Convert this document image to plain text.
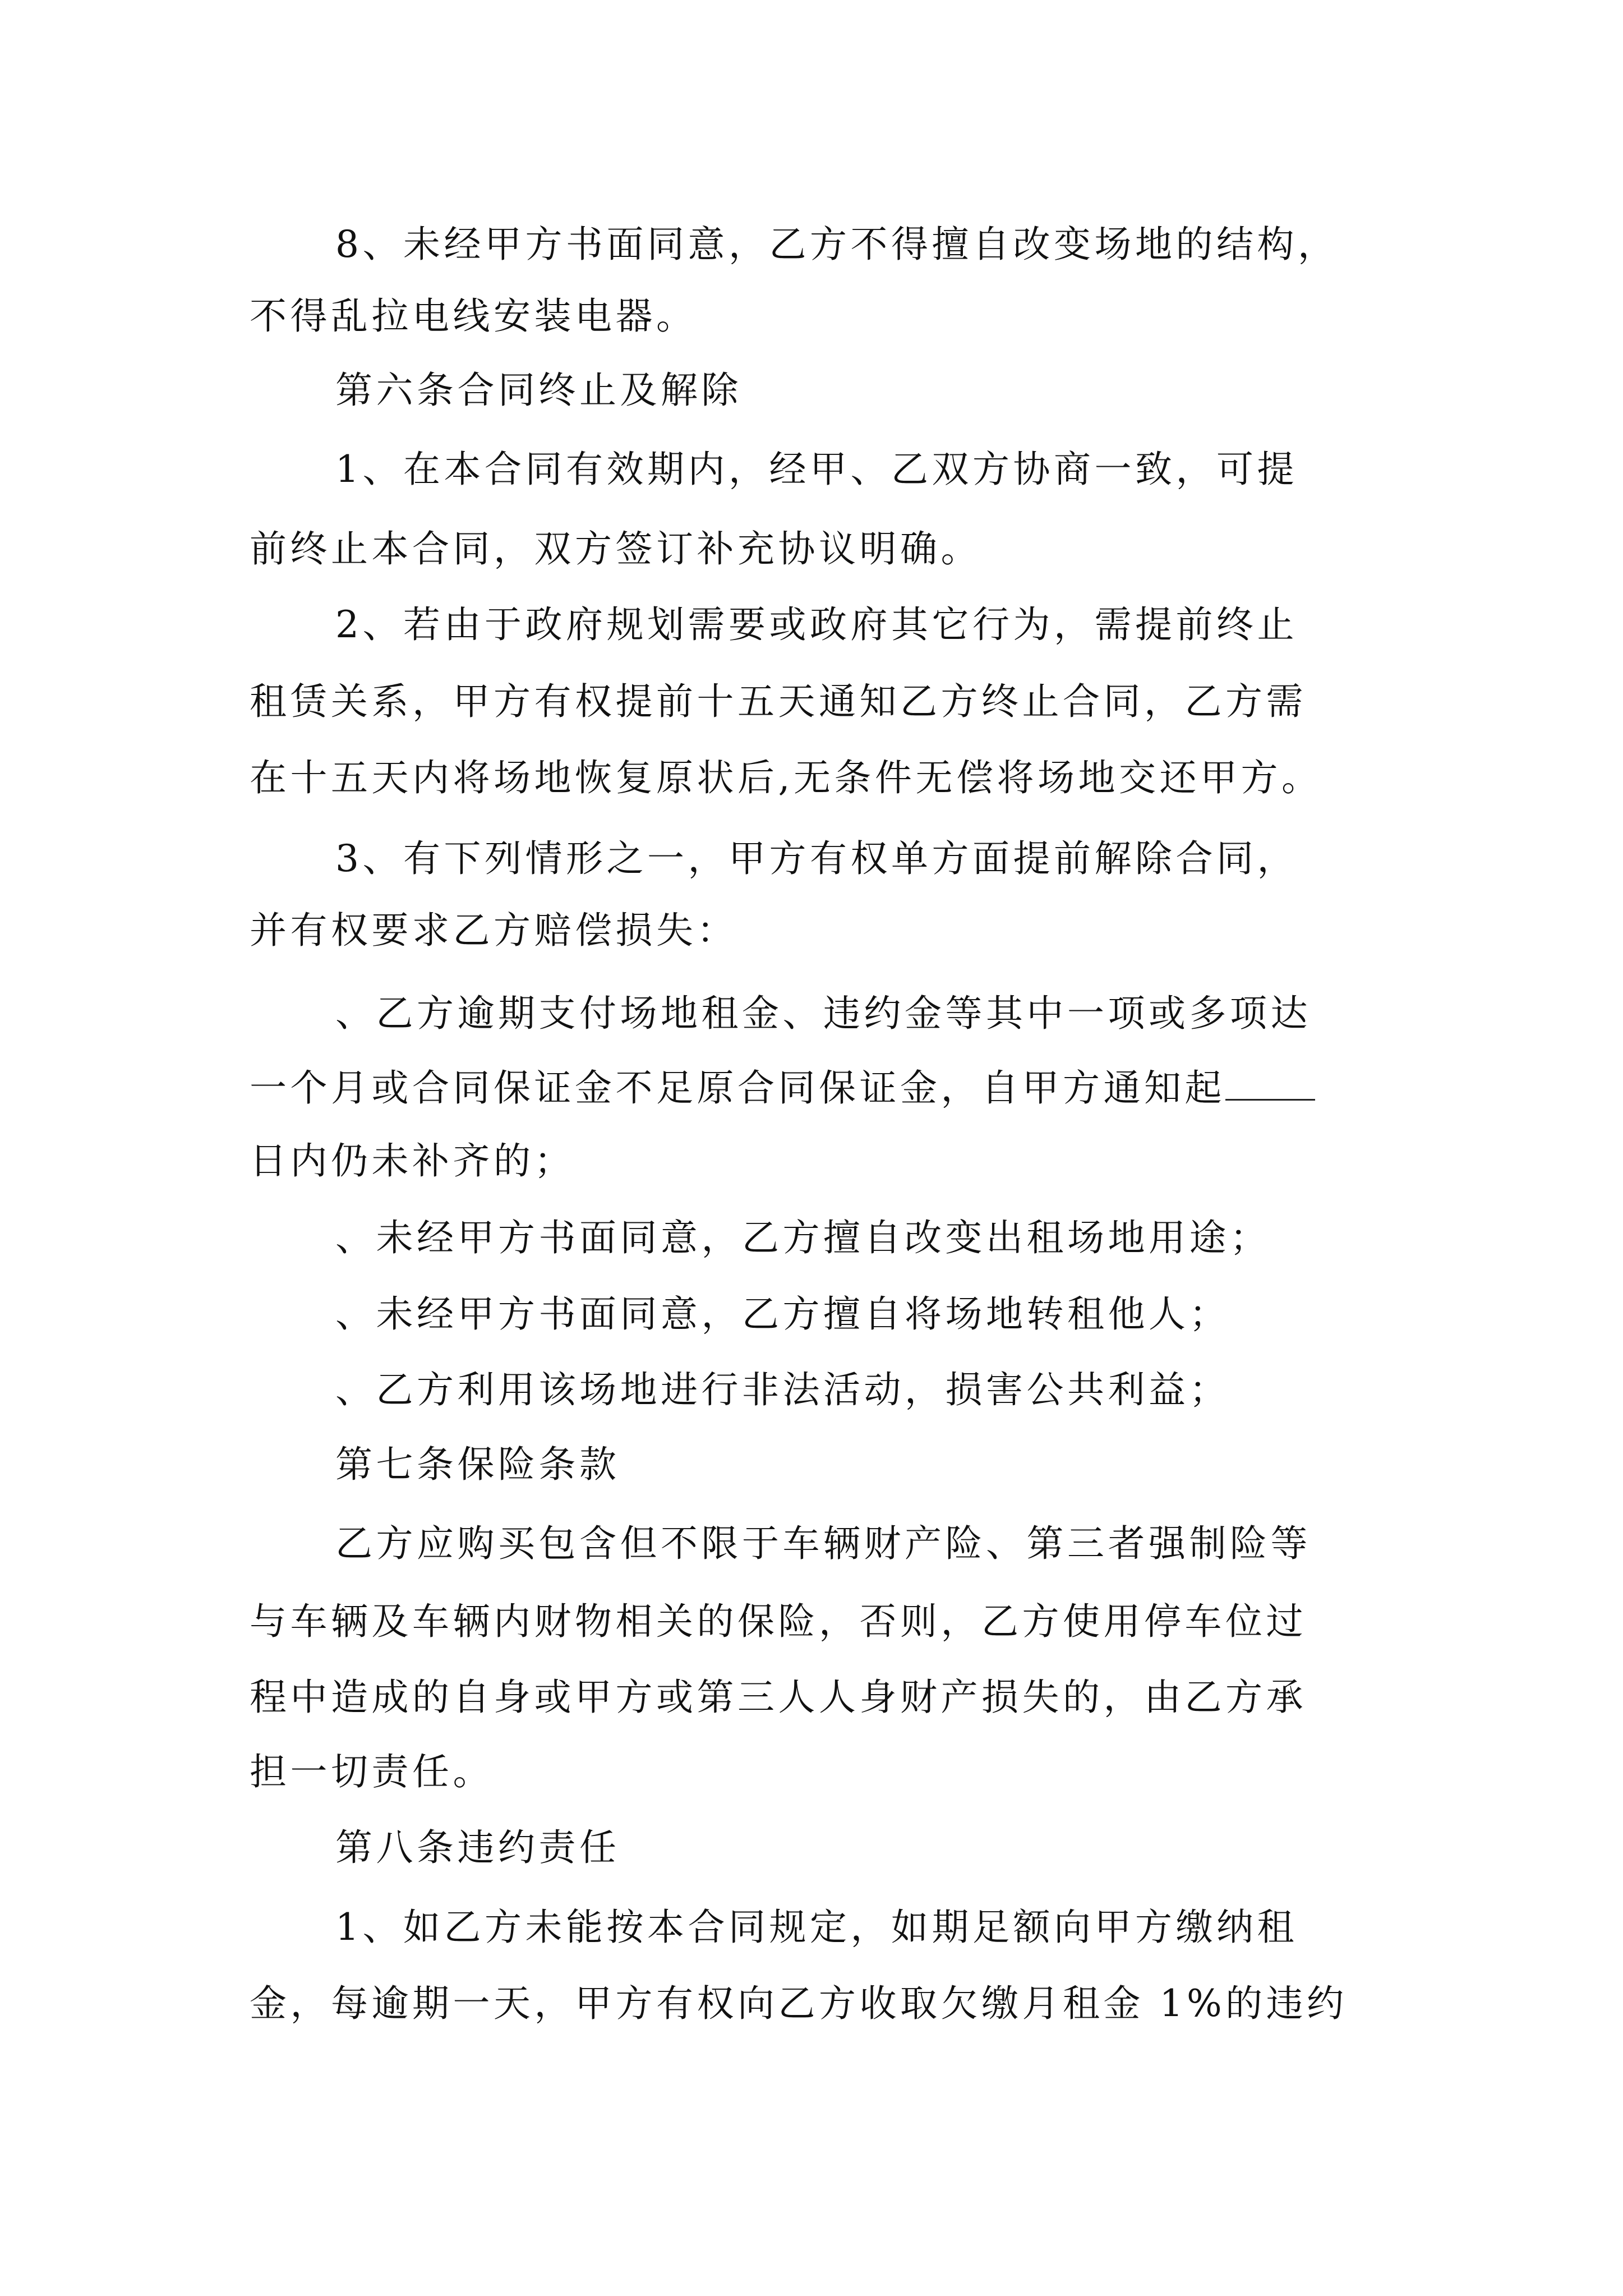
8、未经甲方书面同意，乙方不得擅自改变场地的结构，
不得乱拉电线安装电器。
第六条合同终止及解除
1、在本合同有效期内，经甲、乙双方协商一致，可提
前终止本合同，双方签订补充协议明确。
2、若由于政府规划需要或政府其它行为，需提前终止
租赁关系，甲方有权提前十五天通知乙方终止合同，乙方需
在十五天内将场地恢复原状后,无条件无偿将场地交还甲方。
3、有下列情形之一，甲方有权单方面提前解除合同，
并有权要求乙方赔偿损失：
、乙方逾期支付场地租金、违约金等其中一项或多项达
一个月或合同保证金不足原合同保证金，自甲方通知起
日内仍未补齐的；
、未经甲方书面同意，乙方擅自改变出租场地用途；
、未经甲方书面同意，乙方擅自将场地转租他人；
、乙方利用该场地进行非法活动，损害公共利益；
第七条保险条款
乙方应购买包含但不限于车辆财产险、第三者强制险等
与车辆及车辆内财物相关的保险，否则，乙方使用停车位过
程中造成的自身或甲方或第三人人身财产损失的，由乙方承
担一切责任。
第八条违约责任
1、如乙方未能按本合同规定，如期足额向甲方缴纳租
金，每逾期一天，甲方有权向乙方收取欠缴月租金 1%的违约
